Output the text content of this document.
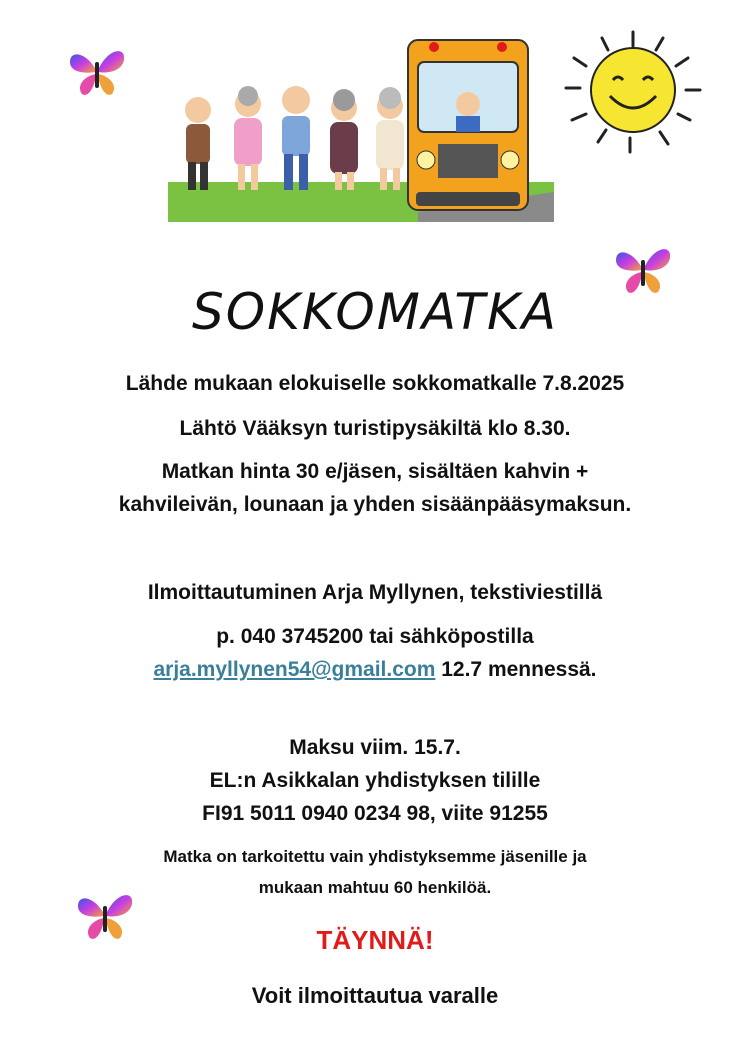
SOKKOMATKA
Lähde mukaan elokuiselle sokkomatkalle 7.8.2025
Lähtö Vääksyn turistipysäkiltä klo 8.30.
Matkan hinta 30 e/jäsen, sisältäen kahvin +
kahvileivän, lounaan ja yhden sisäänpääsymaksun.
Ilmoittautuminen Arja Myllynen, tekstiviestillä
p. 040 3745200 tai sähköpostilla
arja.myllynen54@gmail.com 12.7 mennessä.
Maksu viim. 15.7.
EL:n Asikkalan yhdistyksen tilille
FI91 5011 0940 0234 98, viite 91255
Matka on tarkoitettu vain yhdistyksemme jäsenille ja
mukaan mahtuu 60 henkilöä.
TÄYNNÄ!
Voit ilmoittautua varalle
